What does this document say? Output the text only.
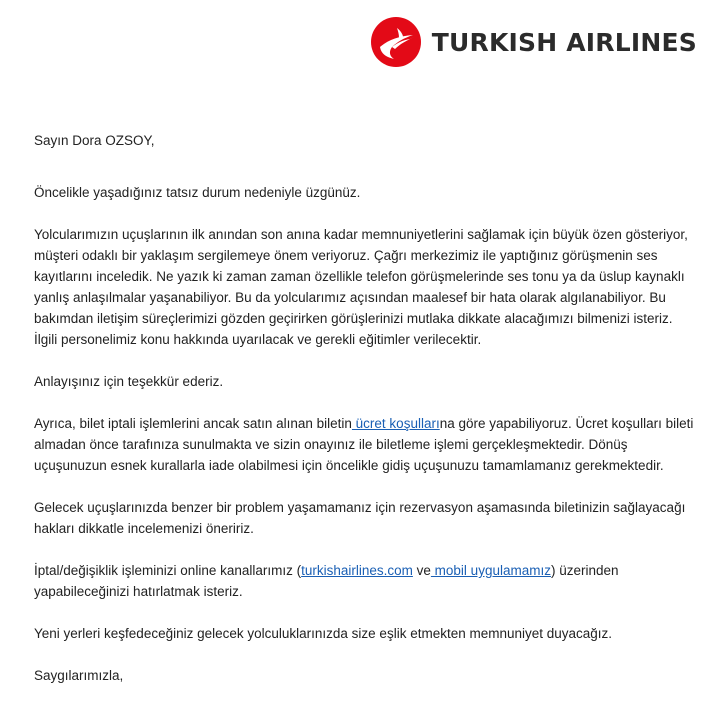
TURKISH AIRLINES

Sayın Dora OZSOY,

Öncelikle yaşadığınız tatsız durum nedeniyle üzgünüz.

Yolcularımızın uçuşlarının ilk anından son anına kadar memnuniyetlerini sağlamak için büyük özen gösteriyor, müşteri odaklı bir yaklaşım sergilemeye önem veriyoruz. Çağrı merkezimiz ile yaptığınız görüşmenin ses kayıtlarını inceledik. Ne yazık ki zaman zaman özellikle telefon görüşmelerinde ses tonu ya da üslup kaynaklı yanlış anlaşılmalar yaşanabiliyor. Bu da yolcularımız açısından maalesef bir hata olarak algılanabiliyor. Bu bakımdan iletişim süreçlerimizi gözden geçirirken görüşlerinizi mutlaka dikkate alacağımızı bilmenizi isteriz. İlgili personelimiz konu hakkında uyarılacak ve gerekli eğitimler verilecektir.

Anlayışınız için teşekkür ederiz.

Ayrıca, bilet iptali işlemlerini ancak satın alınan biletin ücret koşullarına göre yapabiliyoruz. Ücret koşulları bileti almadan önce tarafınıza sunulmakta ve sizin onayınız ile biletleme işlemi gerçekleşmektedir. Dönüş uçuşunuzun esnek kurallarla iade olabilmesi için öncelikle gidiş uçuşunuzu tamamlamanız gerekmektedir.

Gelecek uçuşlarınızda benzer bir problem yaşamamanız için rezervasyon aşamasında biletinizin sağlayacağı hakları dikkatle incelemenizi öneririz.

İptal/değişiklik işleminizi online kanallarımız (turkishairlines.com ve mobil uygulamamız) üzerinden yapabileceğinizi hatırlatmak isteriz.

Yeni yerleri keşfedeceğiniz gelecek yolculuklarınızda size eşlik etmekten memnuniyet duyacağız.

Saygılarımızla,
